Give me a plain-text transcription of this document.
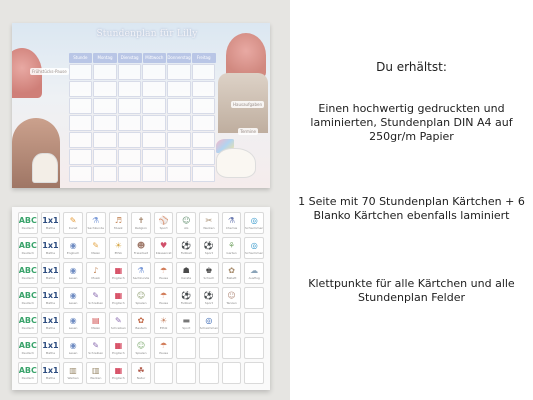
Stundenplan für Lilly
Frühstücks-Pause
Hausaufgaben
Termine
Stunde	Montag	Dienstag	Mittwoch Donnerstag	Freitag
ABC
Deutsch
1x1
Mathe
✎
Kunst
⚗
Sachkunde
♬
Musik
✝
Religion
⚾
Sport
☺
AG
✂
Werken
⚗
Chemie
◎
Schwimmen
ABC
Deutsch
1x1
Mathe
◉
Englisch
✎
Malen
☀
Ethik
☻
Freiarbeit
♥
Klassenrat
⚽
Fußball
⚽
Sport
⚘
Garten
◎
Schwimmen
ABC
Deutsch
1x1
Mathe
◉
Lesen
♪
Musik
▦
Englisch
⚗
Sachkunde
☂
Pause
☗
Karate
♚
Schach
✿
Ballett
☁
Ausflug
ABC
Deutsch
1x1
Mathe
◉
Lesen
✎
Schreiben
▦
Englisch
☺
Spielen
☂
Pause
⚽
Fußball
⚽
Sport
☺
Tanzen
ABC
Deutsch
1x1
Mathe
◉
Lesen
▤
Malen
✎
Schreiben
✿
Basteln
☀
Ethik
▬
Sport
◎
Schwimmen
ABC
Deutsch
1x1
Mathe
◉
Lesen
✎
Schreiben
▦
Englisch
☺
Spielen
☂
Pause
ABC
Deutsch
1x1
Mathe
▥
Werken
▥
Werken
▦
Englisch
☘
Natur
Du erhältst:
Einen hochwertig gedruckten und laminierten, Stundenplan DIN A4 auf 250gr/m Papier
1 Seite mit 70 Stundenplan Kärtchen + 6 Blanko Kärtchen ebenfalls laminiert
Klettpunkte für alle Kärtchen und alle Stundenplan Felder
